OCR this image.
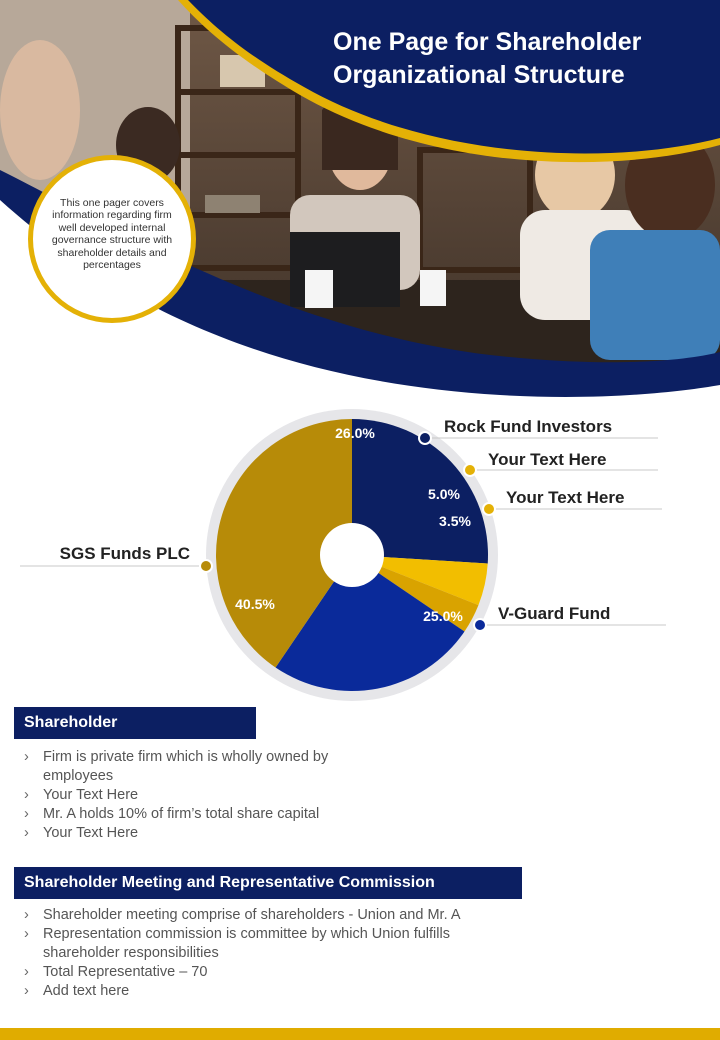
One Page for Shareholder Organizational Structure
This one pager covers information regarding firm well developed internal governance structure with shareholder details and percentages
26.0%	Rock Fund Investors
5.0%
Your Text Here
3.5%
Your Text Here
25.0% V-Guard Fund
40.5%
SGS Funds PLC
Shareholder
› Firm is private firm which is wholly owned by employees
› Your Text Here
› Mr. A holds 10% of firm’s total share capital
› Your Text Here
Shareholder Meeting and Representative Commission
› Shareholder meeting comprise of shareholders - Union and Mr. A
› Representation commission is committee by which Union fulfills shareholder responsibilities
› Total Representative – 70
› Add text here
